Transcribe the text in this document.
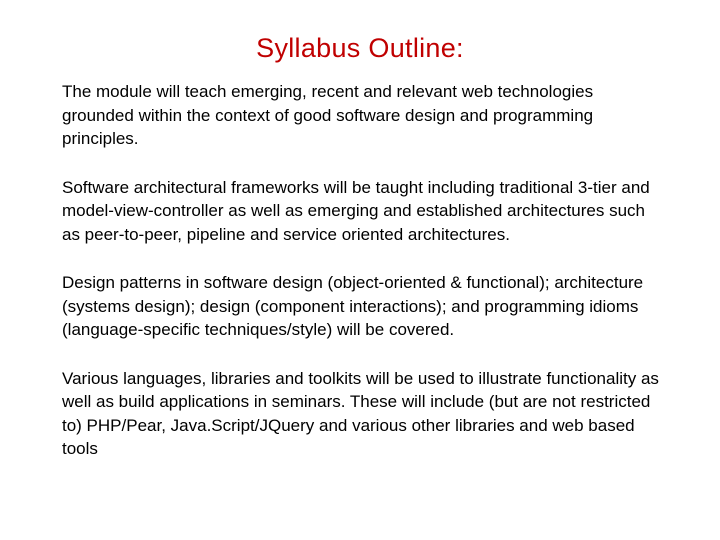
Syllabus Outline:

The module will teach emerging, recent and relevant web technologies grounded within the context of good software design and programming principles.

Software architectural frameworks will be taught including traditional 3-tier and model-view-controller as well as emerging and established architectures such as peer-to-peer, pipeline and service oriented architectures.

Design patterns in software design (object-oriented & functional); architecture (systems design); design (component interactions); and programming idioms (language-specific techniques/style) will be covered.

Various languages, libraries and toolkits will be used to illustrate functionality as well as build applications in seminars. These will include (but are not restricted to) PHP/Pear, Java.Script/JQuery and various other libraries and web based tools
